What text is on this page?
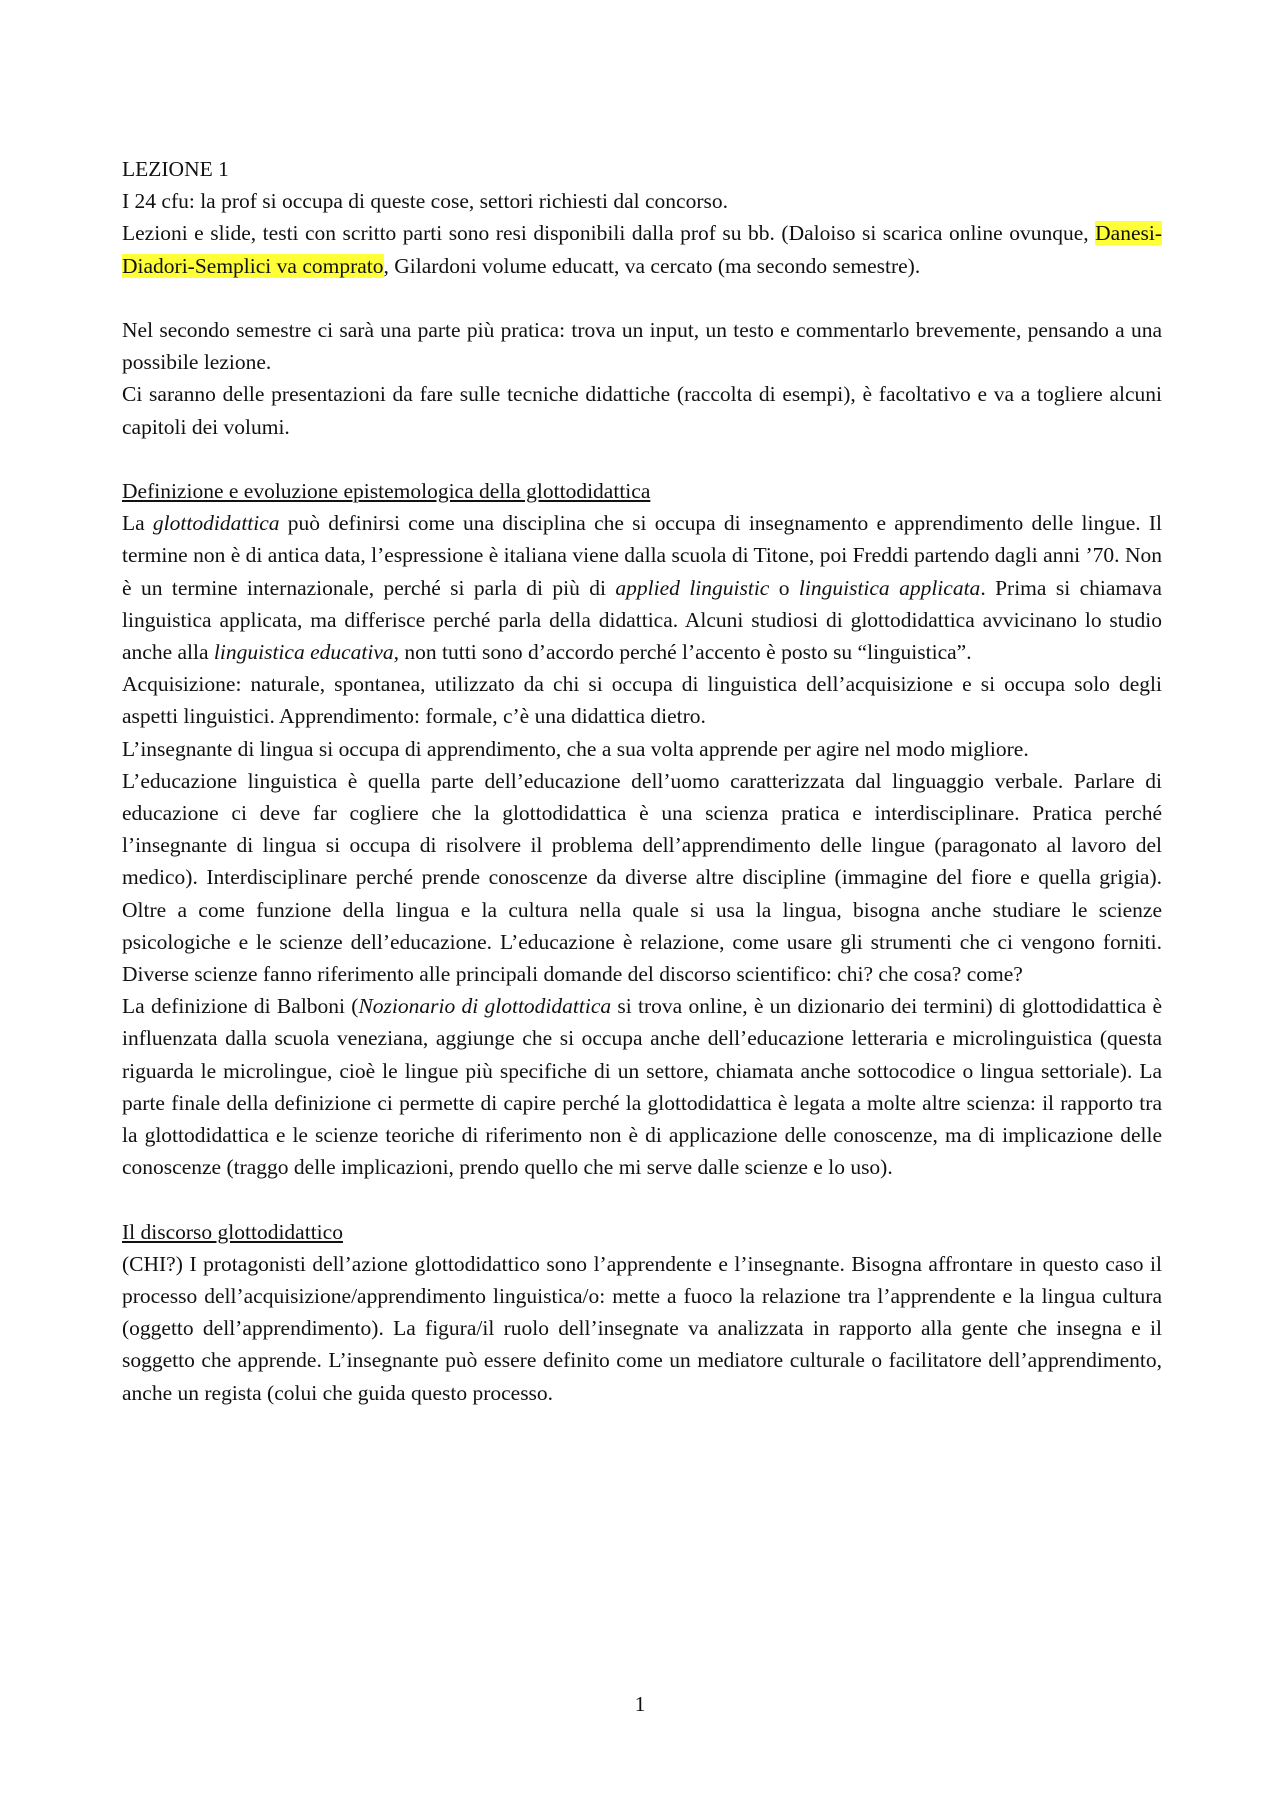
LEZIONE 1

I 24 cfu: la prof si occupa di queste cose, settori richiesti dal concorso.

Lezioni e slide, testi con scritto parti sono resi disponibili dalla prof su bb. (Daloiso si scarica online ovunque, Danesi-Diadori-Semplici va comprato, Gilardoni volume educatt, va cercato (ma secondo semestre).

Nel secondo semestre ci sarà una parte più pratica: trova un input, un testo e commentarlo brevemente, pensando a una possibile lezione.

Ci saranno delle presentazioni da fare sulle tecniche didattiche (raccolta di esempi), è facoltativo e va a togliere alcuni capitoli dei volumi.

Definizione e evoluzione epistemologica della glottodidattica

La glottodidattica può definirsi come una disciplina che si occupa di insegnamento e apprendimento delle lingue. Il termine non è di antica data, l’espressione è italiana viene dalla scuola di Titone, poi Freddi partendo dagli anni ’70. Non è un termine internazionale, perché si parla di più di applied linguistic o linguistica applicata. Prima si chiamava linguistica applicata, ma differisce perché parla della didattica. Alcuni studiosi di glottodidattica avvicinano lo studio anche alla linguistica educativa, non tutti sono d’accordo perché l’accento è posto su “linguistica”.

Acquisizione: naturale, spontanea, utilizzato da chi si occupa di linguistica dell’acquisizione e si occupa solo degli aspetti linguistici. Apprendimento: formale, c’è una didattica dietro.

L’insegnante di lingua si occupa di apprendimento, che a sua volta apprende per agire nel modo migliore.

L’educazione linguistica è quella parte dell’educazione dell’uomo caratterizzata dal linguaggio verbale. Parlare di educazione ci deve far cogliere che la glottodidattica è una scienza pratica e interdisciplinare. Pratica perché l’insegnante di lingua si occupa di risolvere il problema dell’apprendimento delle lingue (paragonato al lavoro del medico). Interdisciplinare perché prende conoscenze da diverse altre discipline (immagine del fiore e quella grigia). Oltre a come funzione della lingua e la cultura nella quale si usa la lingua, bisogna anche studiare le scienze psicologiche e le scienze dell’educazione. L’educazione è relazione, come usare gli strumenti che ci vengono forniti. Diverse scienze fanno riferimento alle principali domande del discorso scientifico: chi? che cosa? come?

La definizione di Balboni (Nozionario di glottodidattica si trova online, è un dizionario dei termini) di glottodidattica è influenzata dalla scuola veneziana, aggiunge che si occupa anche dell’educazione letteraria e microlinguistica (questa riguarda le microlingue, cioè le lingue più specifiche di un settore, chiamata anche sottocodice o lingua settoriale). La parte finale della definizione ci permette di capire perché la glottodidattica è legata a molte altre scienza: il rapporto tra la glottodidattica e le scienze teoriche di riferimento non è di applicazione delle conoscenze, ma di implicazione delle conoscenze (traggo delle implicazioni, prendo quello che mi serve dalle scienze e lo uso).

Il discorso glottodidattico

(CHI?) I protagonisti dell’azione glottodidattico sono l’apprendente e l’insegnante. Bisogna affrontare in questo caso il processo dell’acquisizione/apprendimento linguistica/o: mette a fuoco la relazione tra l’apprendente e la lingua cultura (oggetto dell’apprendimento). La figura/il ruolo dell’insegnate va analizzata in rapporto alla gente che insegna e il soggetto che apprende. L’insegnante può essere definito come un mediatore culturale o facilitatore dell’apprendimento, anche un regista (colui che guida questo processo.

1
